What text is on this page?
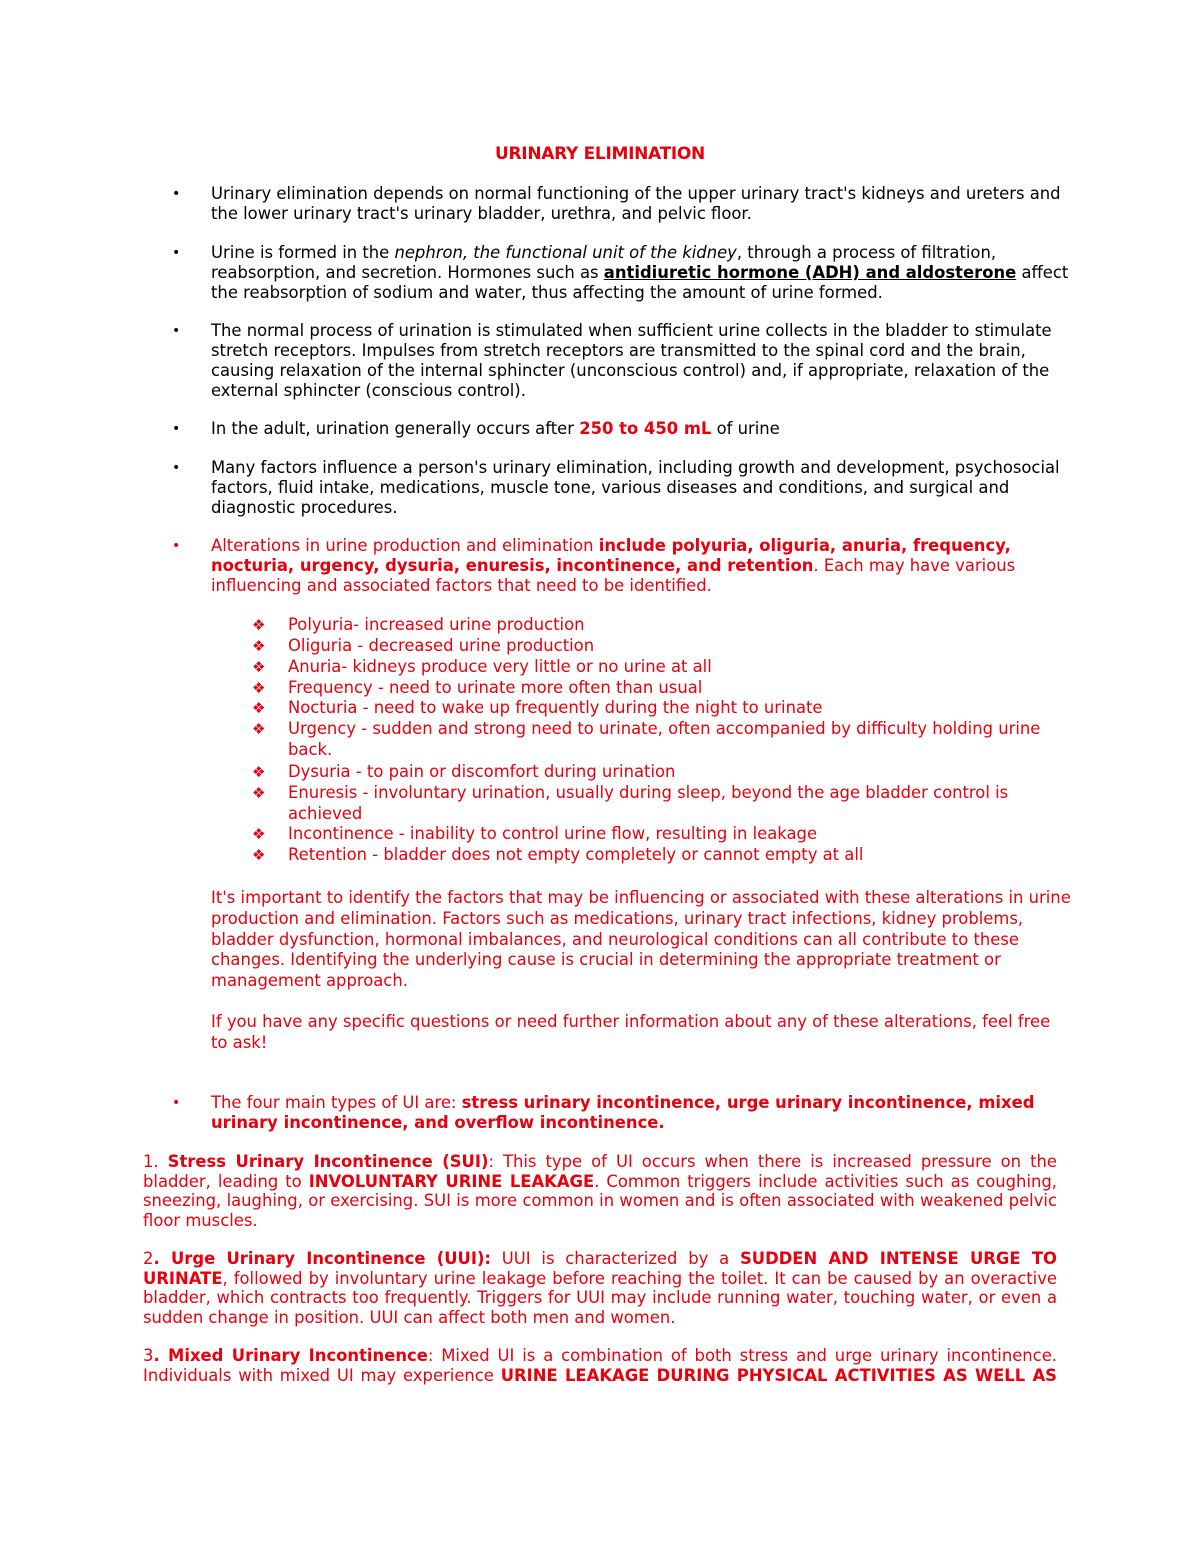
URINARY ELIMINATION
• Urinary elimination depends on normal functioning of the upper urinary tract's kidneys and ureters and the lower urinary tract's urinary bladder, urethra, and pelvic floor.
• Urine is formed in the nephron, the functional unit of the kidney, through a process of filtration, reabsorption, and secretion. Hormones such as antidiuretic hormone (ADH) and aldosterone affect the reabsorption of sodium and water, thus affecting the amount of urine formed.
• The normal process of urination is stimulated when sufficient urine collects in the bladder to stimulate stretch receptors. Impulses from stretch receptors are transmitted to the spinal cord and the brain, causing relaxation of the internal sphincter (unconscious control) and, if appropriate, relaxation of the external sphincter (conscious control).
• In the adult, urination generally occurs after 250 to 450 mL of urine
• Many factors influence a person's urinary elimination, including growth and development, psychosocial factors, fluid intake, medications, muscle tone, various diseases and conditions, and surgical and diagnostic procedures.
• Alterations in urine production and elimination include polyuria, oliguria, anuria, frequency, nocturia, urgency, dysuria, enuresis, incontinence, and retention. Each may have various influencing and associated factors that need to be identified.
❖ Polyuria- increased urine production
❖ Oliguria - decreased urine production
❖ Anuria- kidneys produce very little or no urine at all
❖ Frequency - need to urinate more often than usual
❖ Nocturia - need to wake up frequently during the night to urinate
❖ Urgency - sudden and strong need to urinate, often accompanied by difficulty holding urine back.
❖ Dysuria - to pain or discomfort during urination
❖ Enuresis - involuntary urination, usually during sleep, beyond the age bladder control is achieved
❖ Incontinence - inability to control urine flow, resulting in leakage
❖ Retention - bladder does not empty completely or cannot empty at all
It's important to identify the factors that may be influencing or associated with these alterations in urine production and elimination. Factors such as medications, urinary tract infections, kidney problems, bladder dysfunction, hormonal imbalances, and neurological conditions can all contribute to these changes. Identifying the underlying cause is crucial in determining the appropriate treatment or management approach.
If you have any specific questions or need further information about any of these alterations, feel free to ask!
• The four main types of UI are: stress urinary incontinence, urge urinary incontinence, mixed urinary incontinence, and overflow incontinence.
1. Stress Urinary Incontinence (SUI): This type of UI occurs when there is increased pressure on the bladder, leading to INVOLUNTARY URINE LEAKAGE. Common triggers include activities such as coughing, sneezing, laughing, or exercising. SUI is more common in women and is often associated with weakened pelvic floor muscles.
2. Urge Urinary Incontinence (UUI): UUI is characterized by a SUDDEN AND INTENSE URGE TO URINATE, followed by involuntary urine leakage before reaching the toilet. It can be caused by an overactive bladder, which contracts too frequently. Triggers for UUI may include running water, touching water, or even a sudden change in position. UUI can affect both men and women.
3. Mixed Urinary Incontinence: Mixed UI is a combination of both stress and urge urinary incontinence. Individuals with mixed UI may experience URINE LEAKAGE DURING PHYSICAL ACTIVITIES AS WELL AS
